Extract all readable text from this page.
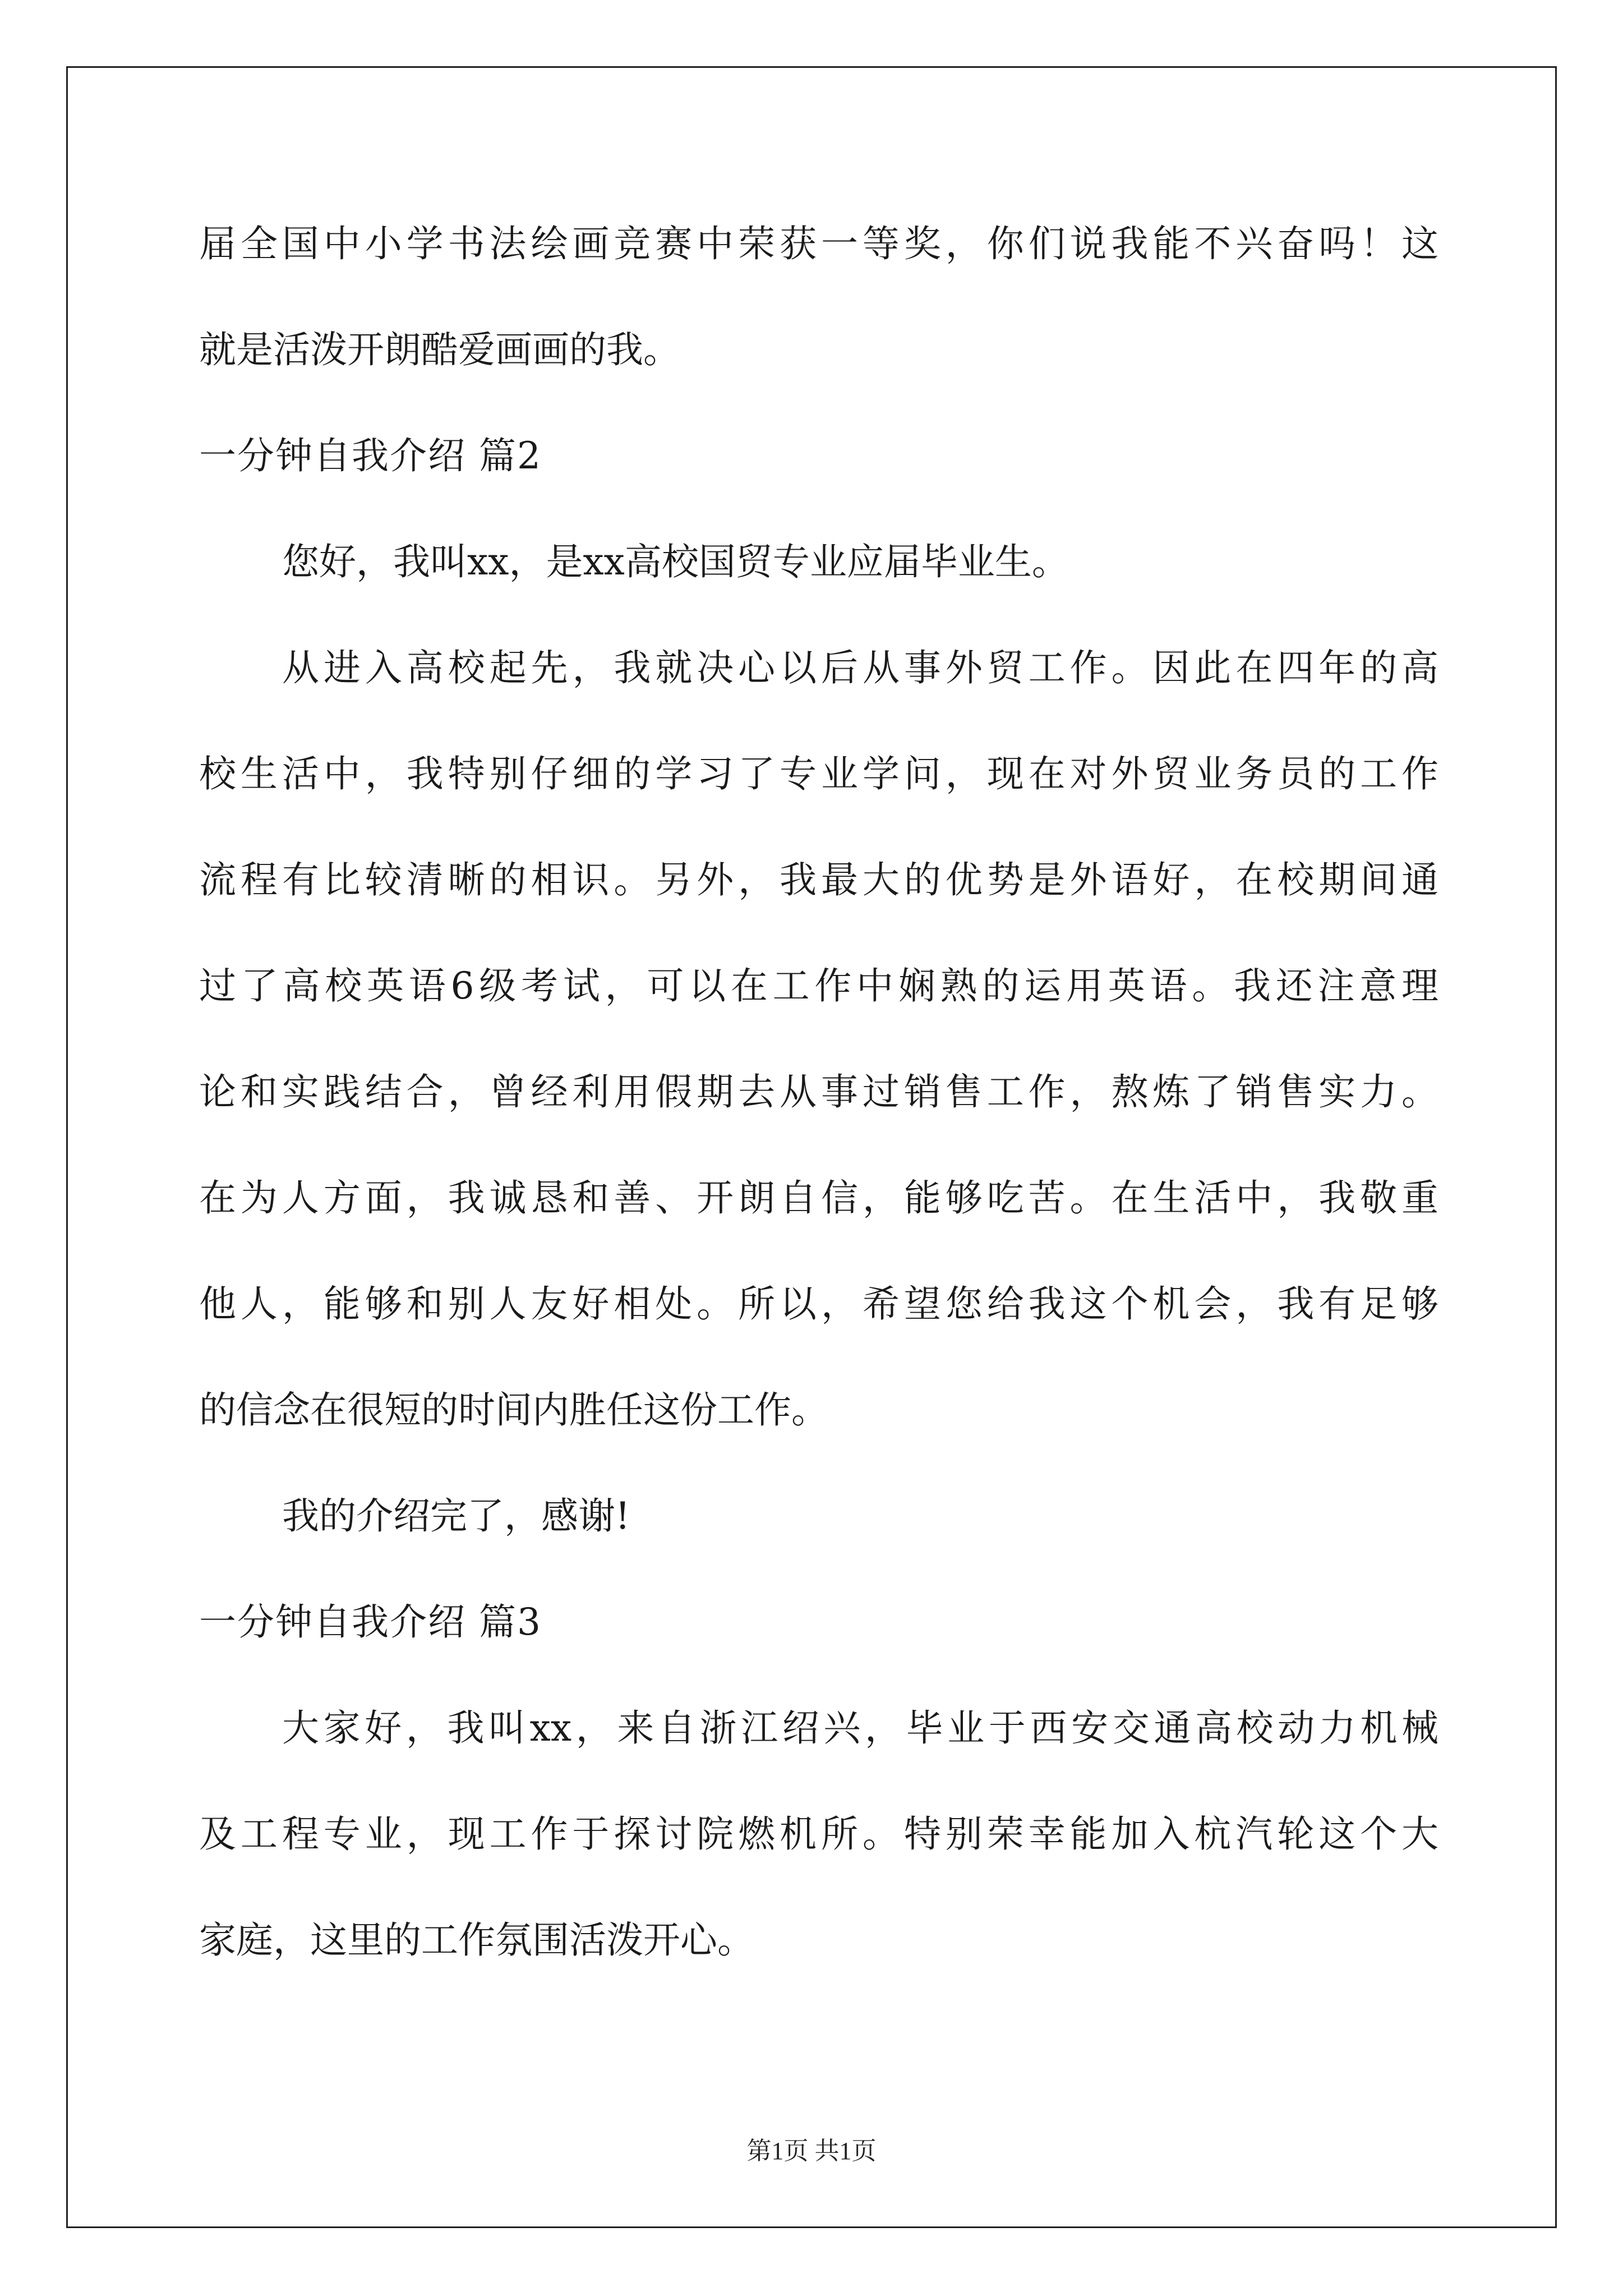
届全国中小学书法绘画竞赛中荣获一等奖，你们说我能不兴奋吗！这
就是活泼开朗酷爱画画的我。
一分钟自我介绍 篇2
您好，我叫xx，是xx高校国贸专业应届毕业生。
从进入高校起先，我就决心以后从事外贸工作。因此在四年的高
校生活中，我特别仔细的学习了专业学问，现在对外贸业务员的工作
流程有比较清晰的相识。另外，我最大的优势是外语好，在校期间通
过了高校英语6级考试，可以在工作中娴熟的运用英语。我还注意理
论和实践结合，曾经利用假期去从事过销售工作，熬炼了销售实力。
在为人方面，我诚恳和善、开朗自信，能够吃苦。在生活中，我敬重
他人，能够和别人友好相处。所以，希望您给我这个机会，我有足够
的信念在很短的时间内胜任这份工作。
我的介绍完了，感谢!
一分钟自我介绍 篇3
大家好，我叫xx，来自浙江绍兴，毕业于西安交通高校动力机械
及工程专业，现工作于探讨院燃机所。特别荣幸能加入杭汽轮这个大
家庭，这里的工作氛围活泼开心。
第1页 共1页
